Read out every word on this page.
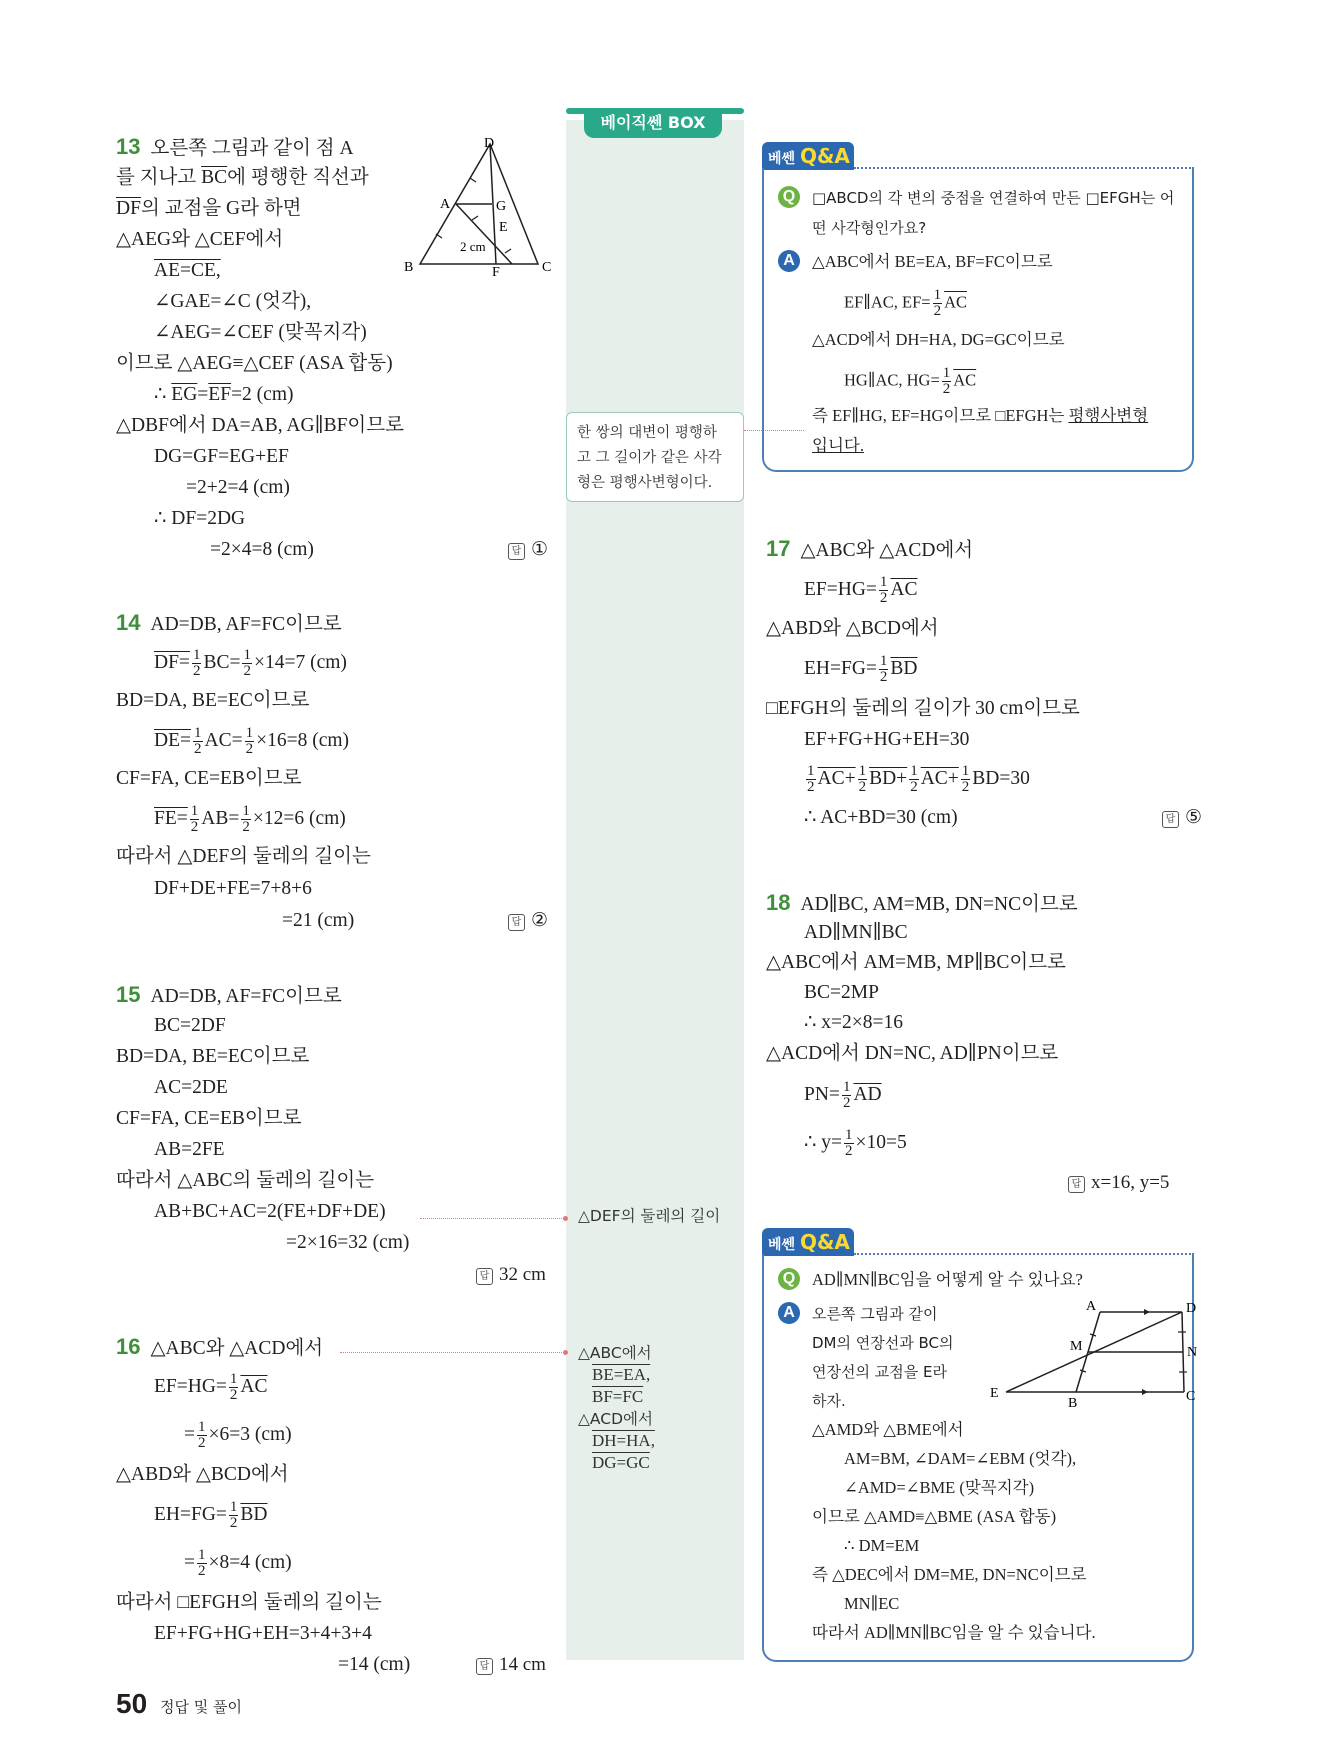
베이직쎈 BOX
한 쌍의 대변이 평행하
고 그 길이가 같은 사각
형은 평행사변형이다.
△DEF의 둘레의 길이
△ABC에서
BE=EA,
BF=FC
△ACD에서
DH=HA,
DG=GC
13 오른쪽 그림과 같이 점 A
를 지나고 $\overline{BC}$에 평행한 직선과
$\overline{DF}$의 교점을 G라 하면
△AEG와 △CEF에서
AE=CE,
∠GAE=∠C (엇각),
∠AEG=∠CEF (맞꼭지각)
이므로 △AEG≡△CEF (ASA 합동)
∴ $\overline{EG}=\overline{EF}=2$ (cm)
△DBF에서 DA=AB, AG∥BF이므로
DG=GF=EG+EF
=2+2=4 (cm)
∴ DF=2DG
=2×4=8 (cm)	답 ①
D
A	G
E
B	F	C
2 cm
14 AD=DB, AF=FC이므로
$DF= \frac{1}{2} BC= \frac{1}{2} \times 14=7$ (cm)
BD=DA, BE=EC이므로
$DE= \frac{1}{2} AC= \frac{1}{2} \times 16=8$ (cm)
CF=FA, CE=EB이므로
$FE= \frac{1}{2} AB= \frac{1}{2} \times 12=6$ (cm)
따라서 △DEF의 둘레의 길이는
DF+DE+FE=7+8+6
=21 (cm)	답 ②
15 AD=DB, AF=FC이므로
BC=2DF
BD=DA, BE=EC이므로
AC=2DE
CF=FA, CE=EB이므로
AB=2FE
따라서 △ABC의 둘레의 길이는
AB+BC+AC=2(FE+DF+DE)
=2×16=32 (cm)
답 32 cm
16 △ABC와 △ACD에서
$EF=HG= \frac{1}{2} \overline{AC}$
= $\frac{1}{2} \times 6=3$ (cm)
△ABD와 △BCD에서
$EH=FG= \frac{1}{2} \overline{BD}$
= $\frac{1}{2} \times 8=4$ (cm)
따라서 □EFGH의 둘레의 길이는
EF+FG+HG+EH=3+4+3+4
=14 (cm)	답 14 cm
베쎈 Q&A
Q	□ABCD의 각 변의 중점을 연결하여 만든 □EFGH는 어
떤 사각형인가요?
A	△ABC에서 BE=EA, BF=FC이므로
EF∥AC, $EF= \frac{1}{2} \overline{AC}$
△ACD에서 DH=HA, DG=GC이므로
HG∥AC, $HG= \frac{1}{2} \overline{AC}$
즉 EF∥HG, EF=HG이므로 □EFGH는 평행사변형
입니다.
17 △ABC와 △ACD에서
$EF=HG= \frac{1}{2} \overline{AC}$
△ABD와 △BCD에서
$EH=FG= \frac{1}{2} \overline{BD}$
□EFGH의 둘레의 길이가 30 cm이므로
EF+FG+HG+EH=30
$\frac{1}{2} AC+ \frac{1}{2} BD+ \frac{1}{2} AC+ \frac{1}{2} BD=30$
∴ AC+BD=30 (cm)	답 ⑤
18 AD∥BC, AM=MB, DN=NC이므로
AD∥MN∥BC
△ABC에서 AM=MB, MP∥BC이므로
BC=2MP
∴ x=2×8=16
△ACD에서 DN=NC, AD∥PN이므로
$PN= \frac{1}{2} \overline{AD}$
∴ $y= \frac{1}{2} \times 10=5$
답 x=16, y=5
베쎈 Q&A
Q AD∥MN∥BC임을 어떻게 알 수 있나요?
A	오른쪽 그림과 같이
DM의 연장선과 BC의
연장선의 교점을 E라
하자.
△AMD와 △BME에서
AM=BM, ∠DAM=∠EBM (엇각),
∠AMD=∠BME (맞꼭지각)
이므로 △AMD≡△BME (ASA 합동)
∴ DM=EM
즉 △DEC에서 DM=ME, DN=NC이므로
MN∥EC
따라서 AD∥MN∥BC임을 알 수 있습니다.
A	D
M	N
E
B	C
50 정답 및 풀이
